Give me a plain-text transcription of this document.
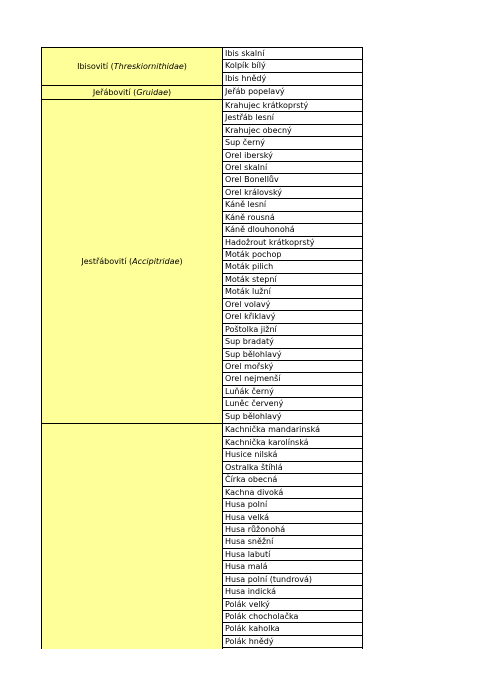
Ibisovití (Threskiornithidae)
Ibis skalní
Kolpík bílý
Ibis hnědý
Jeřábovití (Gruidae)	Jeřáb popelavý
Jestřábovití (Accipitridae)
Krahujec krátkoprstý
Jestřáb lesní
Krahujec obecný
Sup černý
Orel iberský
Orel skalní
Orel Bonellův
Orel královský
Káně lesní
Káně rousná
Káně dlouhonohá
Hadožrout krátkoprstý
Moták pochop
Moták pilich
Moták stepní
Moták lužní
Orel volavý
Orel křiklavý
Poštolka jižní
Sup bradatý
Sup bělohlavý
Orel mořský
Orel nejmenší
Luňák černý
Luněc červený
Sup bělohlavý
Kachnička mandarinská
Kachnička karolínská
Husice nilská
Ostralka štíhlá
Čírka obecná
Kachna divoká
Husa polní
Husa velká
Husa růžonohá
Husa sněžní
Husa labutí
Husa malá
Husa polní (tundrová)
Husa indická
Polák velký
Polák chocholačka
Polák kaholka
Polák hnědý
